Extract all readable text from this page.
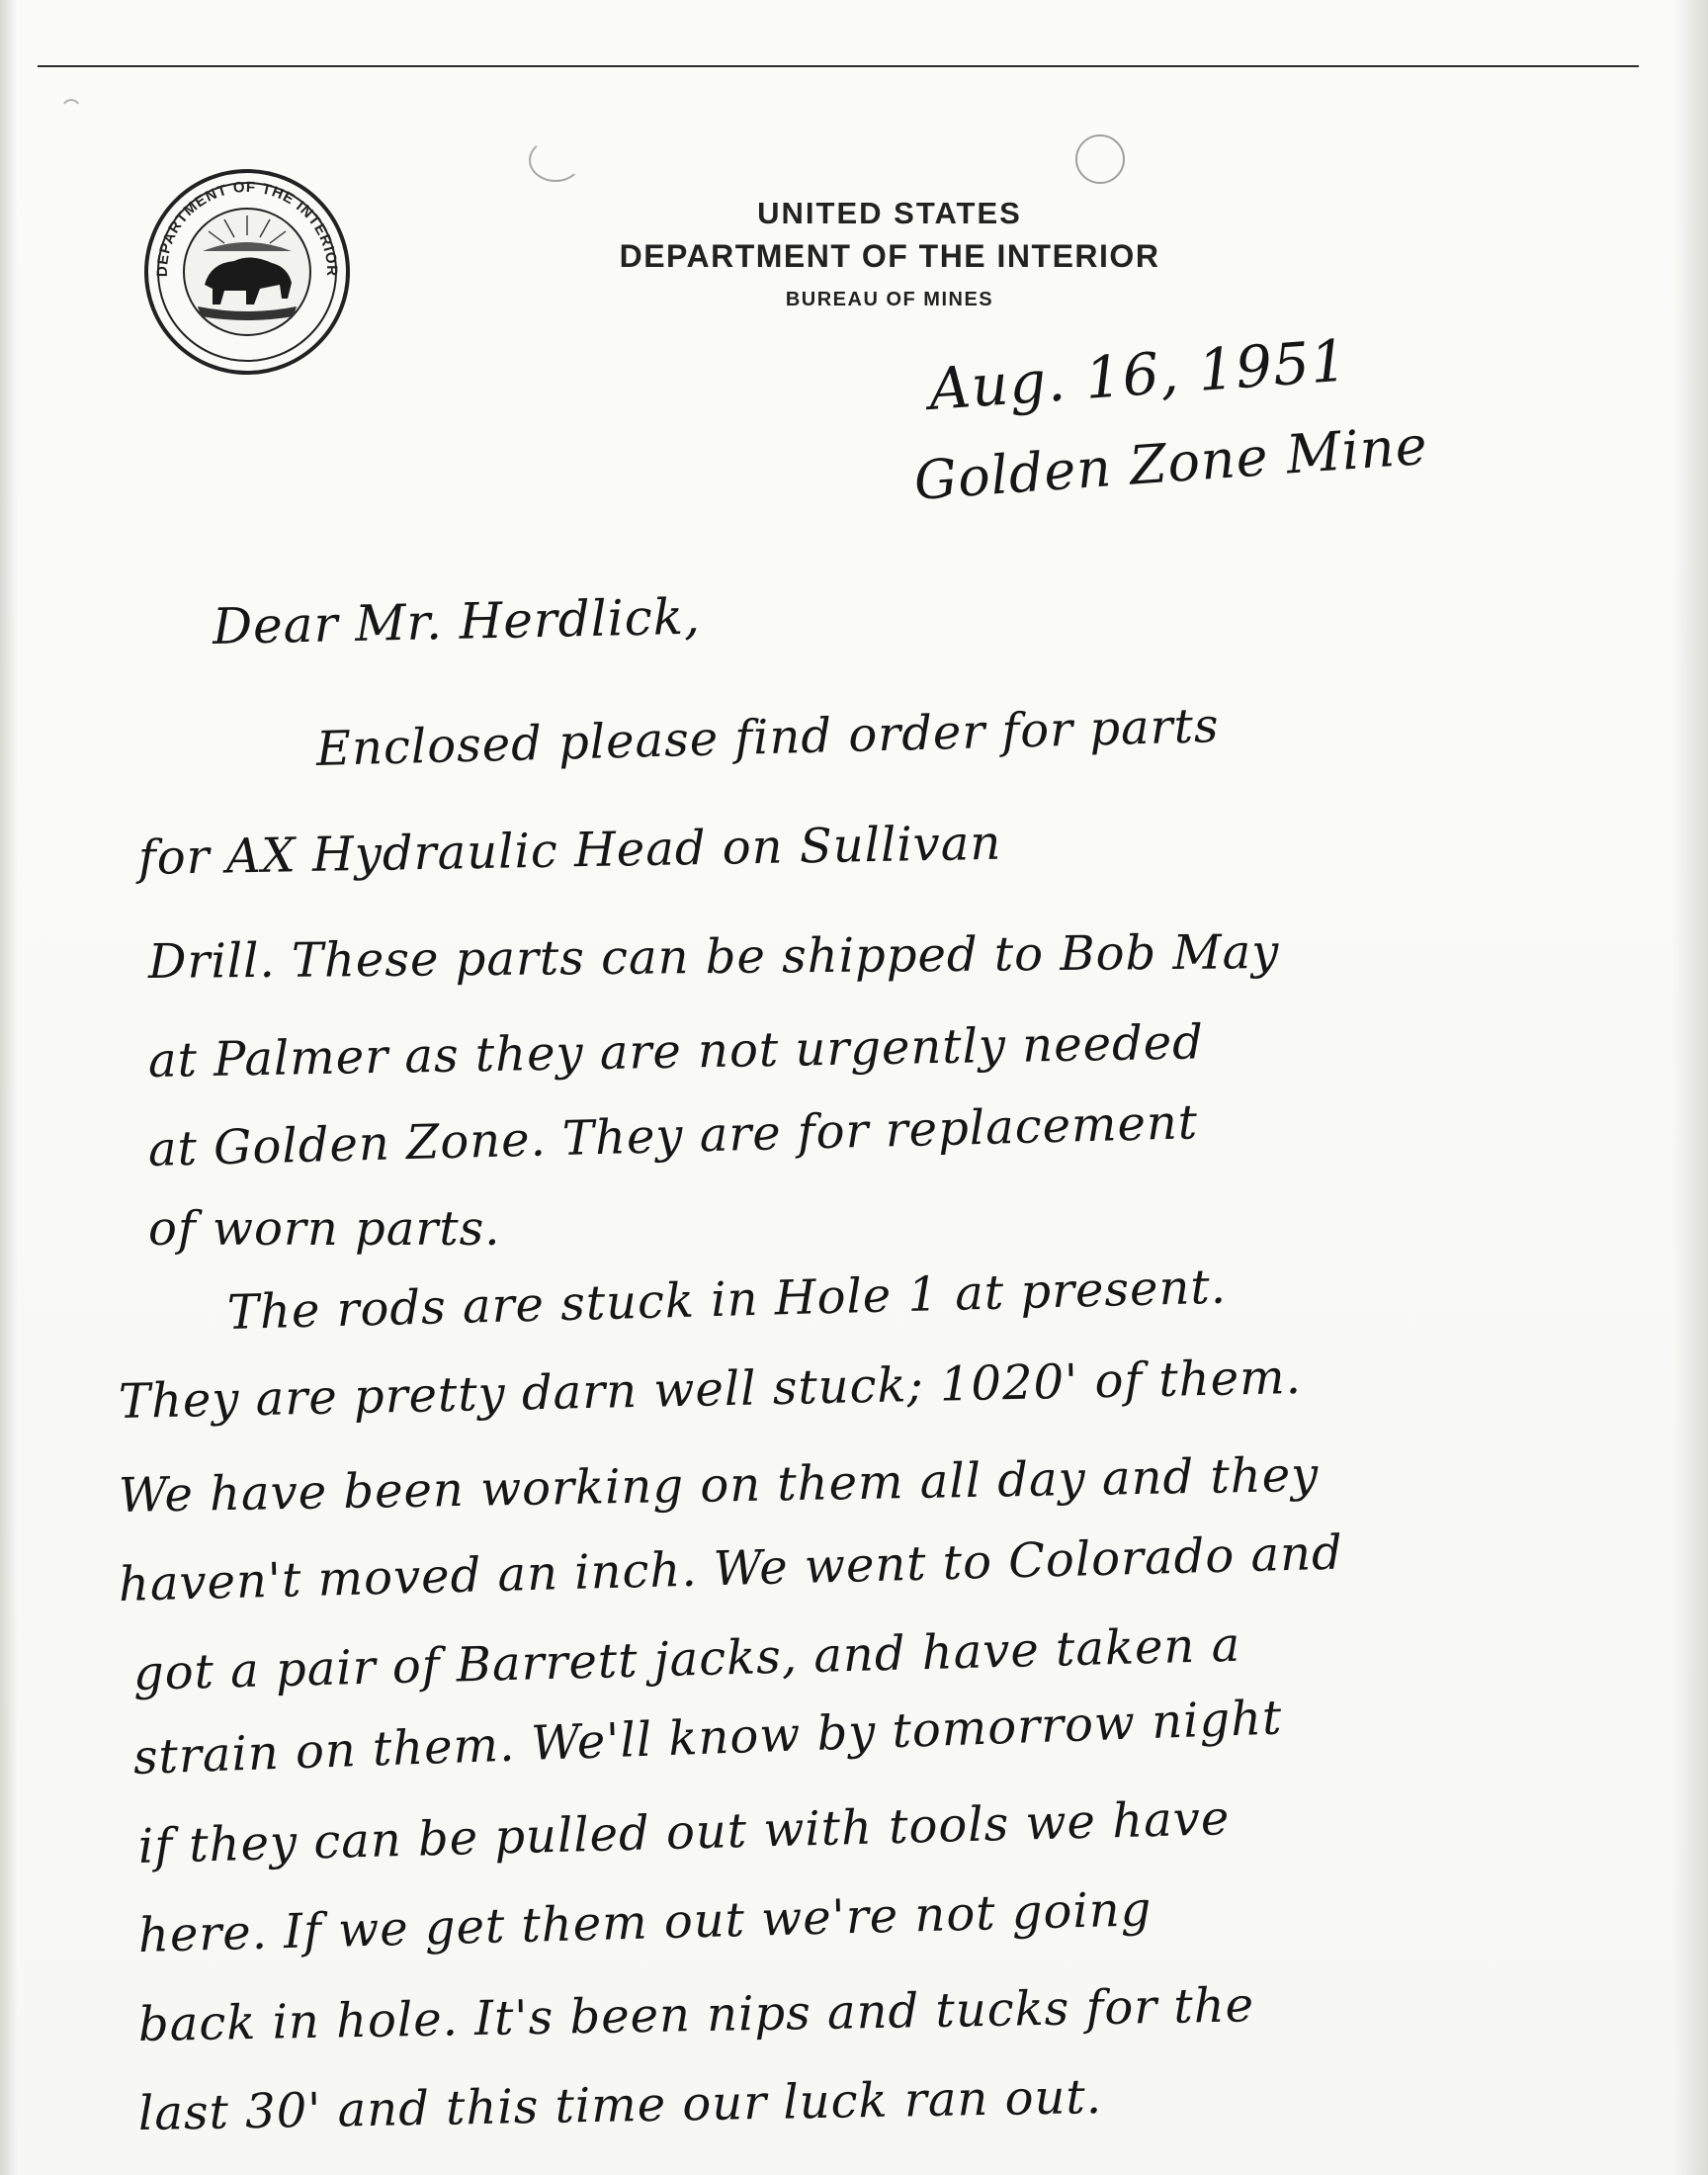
DEPARTMENT OF THE INTERIOR
UNITED STATES
DEPARTMENT OF THE INTERIOR
BUREAU OF MINES
Aug. 16, 1951
Golden Zone Mine
Dear Mr. Herdlick,
Enclosed please find order for parts
for AX Hydraulic Head on Sullivan
Drill. These parts can be shipped to Bob May
at Palmer as they are not urgently needed
at Golden Zone. They are for replacement
of worn parts.
The rods are stuck in Hole 1 at present.
They are pretty darn well stuck; 1020' of them.
We have been working on them all day and they
haven't moved an inch. We went to Colorado and
got a pair of Barrett jacks, and have taken a
strain on them. We'll know by tomorrow night
if they can be pulled out with tools we have
here. If we get them out we're not going
back in hole. It's been nips and tucks for the
last 30' and this time our luck ran out.
